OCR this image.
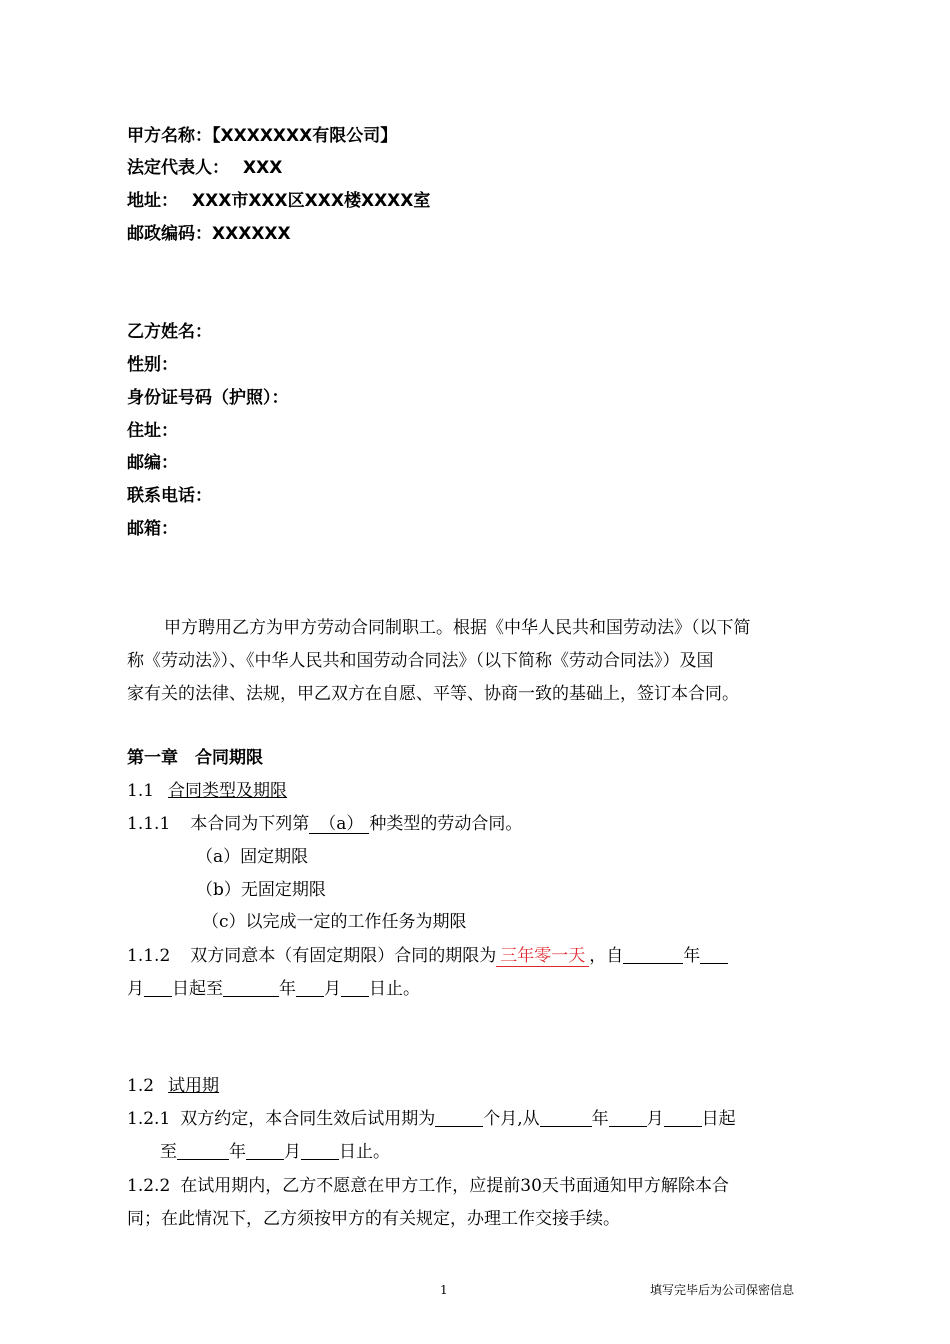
甲方名称：【XXXXXXX有限公司】
法定代表人： XXX
地址： XXX市XXX区XXX楼XXXX室
邮政编码：XXXXXX
乙方姓名：
性别：
身份证号码（护照）：
住址：
邮编：
联系电话：
邮箱：
甲方聘用乙方为甲方劳动合同制职工。根据《中华人民共和国劳动法》（以下简
称《劳动法》）、《中华人民共和国劳动合同法》（以下简称《劳动合同法》）及国
家有关的法律、法规，甲乙双方在自愿、平等、协商一致的基础上，签订本合同。
第一章　合同期限
1.1 合同类型及期限
1.1.1 本合同为下列第 （a） 种类型的劳动合同。
（a）固定期限
（b）无固定期限
（c）以完成一定的工作任务为期限
1.1.2 双方同意本（有固定期限）合同的期限为 三年零一天 ，自	年
月 日起至	年 月 日止。
1.2 试用期
1.2.1 双方约定，本合同生效后试用期为	个月,从	年 月 日起
至	年 月 日止。
1.2.2 在试用期内，乙方不愿意在甲方工作，应提前30天书面通知甲方解除本合
同；在此情况下，乙方须按甲方的有关规定，办理工作交接手续。
1	填写完毕后为公司保密信息
